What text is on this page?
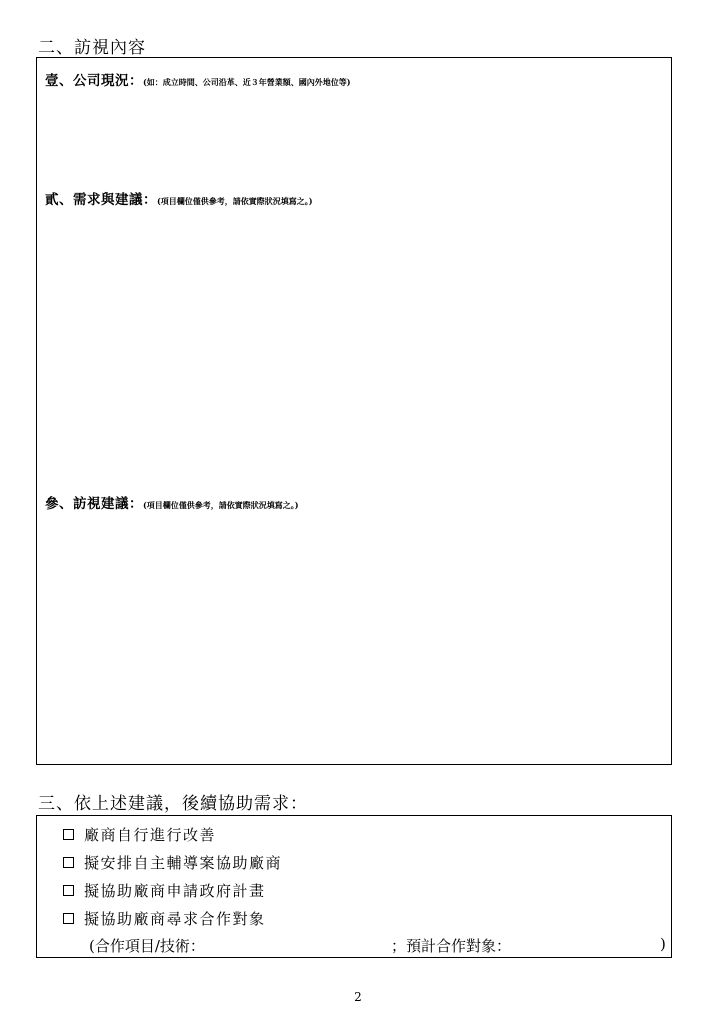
二、訪視內容
壹、公司現況：(如：成立時間、公司沿革、近３年營業額、國內外地位等)
貳、需求與建議：(項目欄位僅供參考，請依實際狀況填寫之。)
參、訪視建議：(項目欄位僅供參考，請依實際狀況填寫之。)
三、依上述建議，後續協助需求：
廠商自行進行改善
擬安排自主輔導案協助廠商
擬協助廠商申請政府計畫
擬協助廠商尋求合作對象
(合作項目/技術：	；預計合作對象：	)
2
